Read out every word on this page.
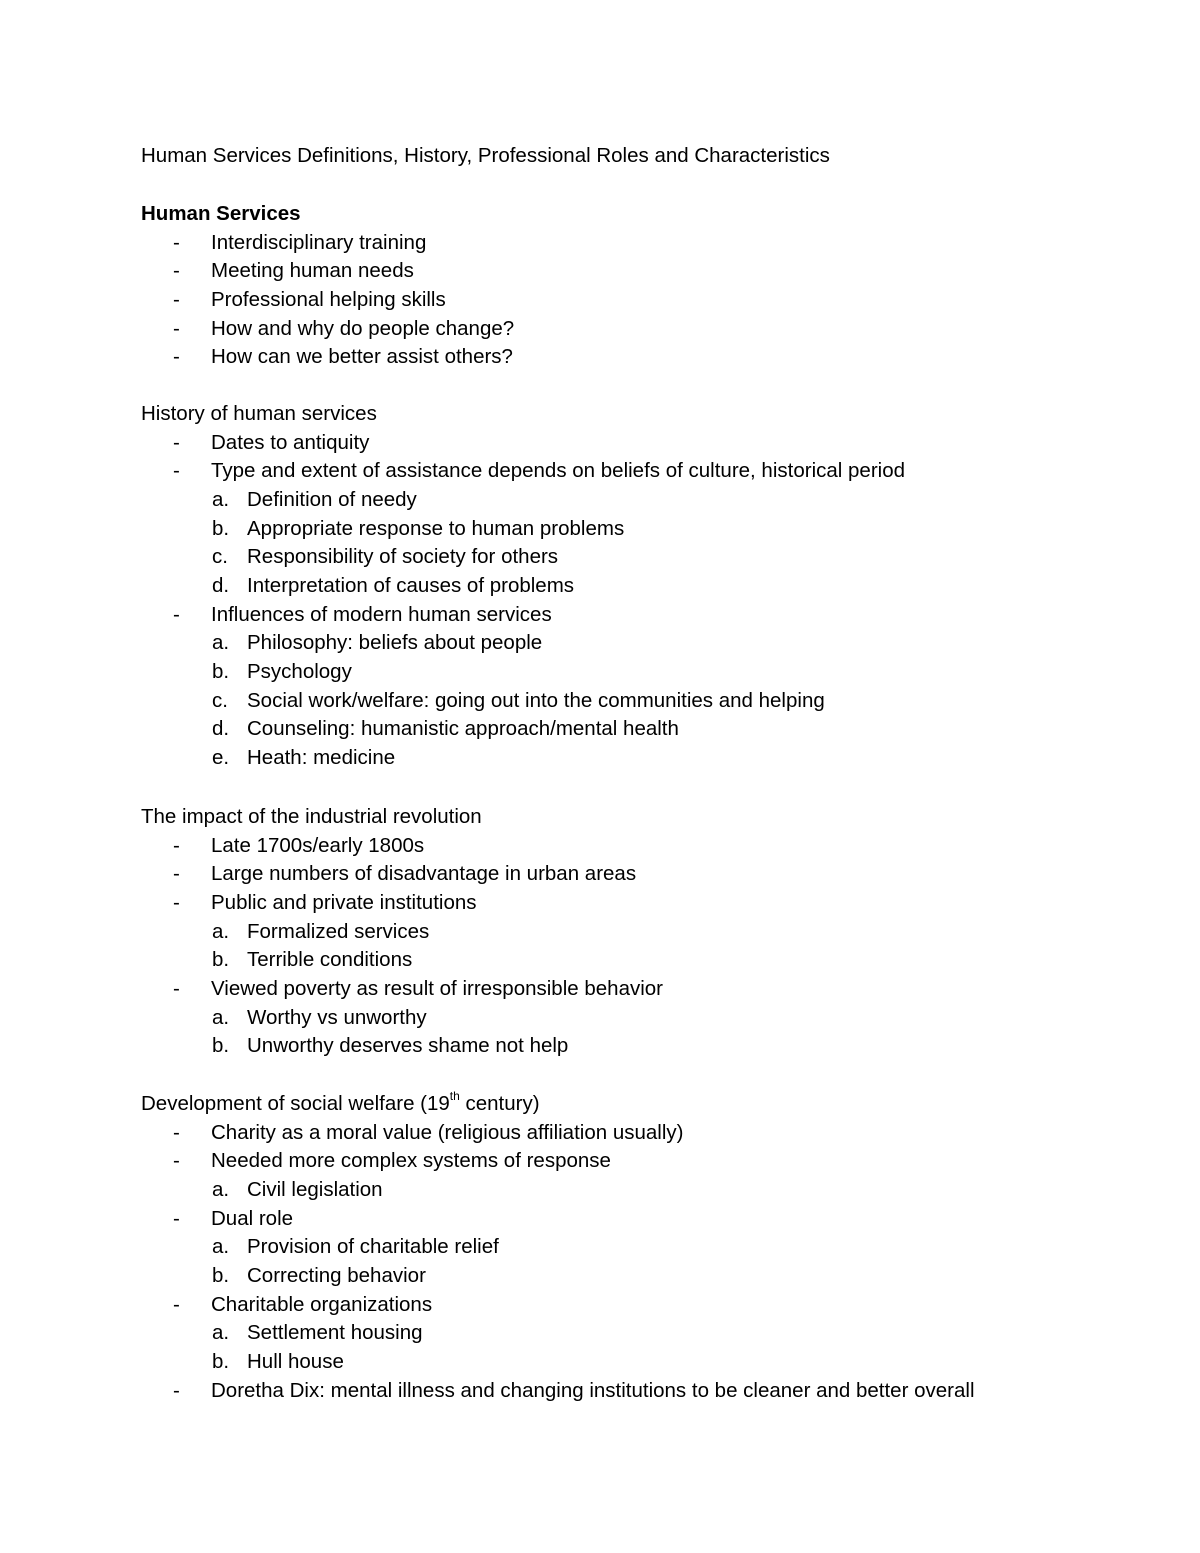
Human Services Definitions, History, Professional Roles and Characteristics
Human Services
- Interdisciplinary training
- Meeting human needs
- Professional helping skills
- How and why do people change?
- How can we better assist others?
History of human services
- Dates to antiquity
- Type and extent of assistance depends on beliefs of culture, historical period
a. Definition of needy
b. Appropriate response to human problems
c. Responsibility of society for others
d. Interpretation of causes of problems
- Influences of modern human services
a. Philosophy: beliefs about people
b. Psychology
c. Social work/welfare: going out into the communities and helping
d. Counseling: humanistic approach/mental health
e. Heath: medicine
The impact of the industrial revolution
- Late 1700s/early 1800s
- Large numbers of disadvantage in urban areas
- Public and private institutions
a. Formalized services
b. Terrible conditions
- Viewed poverty as result of irresponsible behavior
a. Worthy vs unworthy
b. Unworthy deserves shame not help
Development of social welfare (19th century)
- Charity as a moral value (religious affiliation usually)
- Needed more complex systems of response
a. Civil legislation
- Dual role
a. Provision of charitable relief
b. Correcting behavior
- Charitable organizations
a. Settlement housing
b. Hull house
- Doretha Dix: mental illness and changing institutions to be cleaner and better overall
